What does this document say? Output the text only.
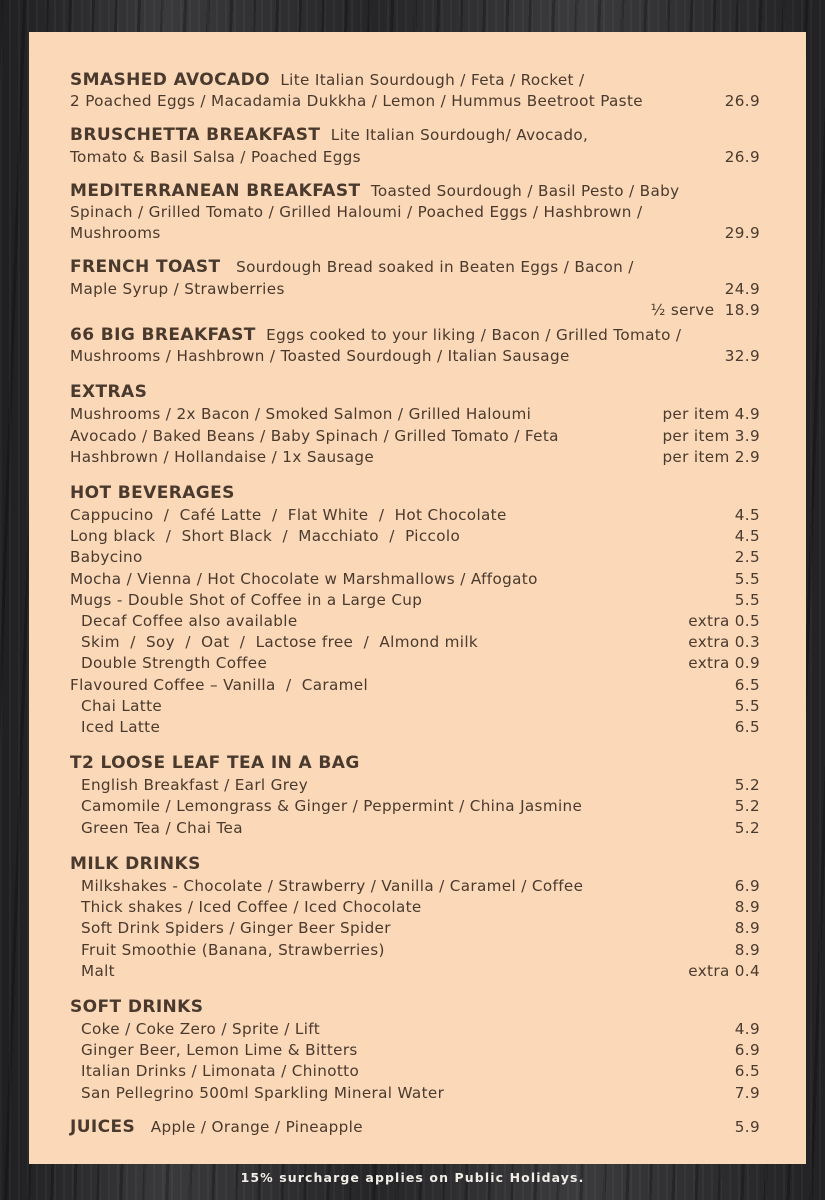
SMASHED AVOCADO Lite Italian Sourdough / Feta / Rocket /
2 Poached Eggs / Macadamia Dukkha / Lemon / Hummus Beetroot Paste	26.9
BRUSCHETTA BREAKFAST Lite Italian Sourdough/ Avocado,
Tomato & Basil Salsa / Poached Eggs	26.9
MEDITERRANEAN BREAKFAST Toasted Sourdough / Basil Pesto / Baby
Spinach / Grilled Tomato / Grilled Haloumi / Poached Eggs / Hashbrown /
Mushrooms	29.9
FRENCH TOAST Sourdough Bread soaked in Beaten Eggs / Bacon /
Maple Syrup / Strawberries	24.9
½ serve  18.9
66 BIG BREAKFAST Eggs cooked to your liking / Bacon / Grilled Tomato /
Mushrooms / Hashbrown / Toasted Sourdough / Italian Sausage	32.9
EXTRAS
Mushrooms / 2x Bacon / Smoked Salmon / Grilled Haloumi	per item 4.9
Avocado / Baked Beans / Baby Spinach / Grilled Tomato / Feta	per item 3.9
Hashbrown / Hollandaise / 1x Sausage	per item 2.9
HOT BEVERAGES
Cappucino  /  Café Latte  /  Flat White  /  Hot Chocolate	4.5
Long black  /  Short Black  /  Macchiato  /  Piccolo	4.5
Babycino	2.5
Mocha / Vienna / Hot Chocolate w Marshmallows / Affogato	5.5
Mugs - Double Shot of Coffee in a Large Cup	5.5
Decaf Coffee also available	extra 0.5
Skim  /  Soy  /  Oat  /  Lactose free  /  Almond milk	extra 0.3
Double Strength Coffee	extra 0.9
Flavoured Coffee – Vanilla  /  Caramel	6.5
Chai Latte	5.5
Iced Latte	6.5
T2 LOOSE LEAF TEA IN A BAG
English Breakfast / Earl Grey	5.2
Camomile / Lemongrass & Ginger / Peppermint / China Jasmine	5.2
Green Tea / Chai Tea	5.2
MILK DRINKS
Milkshakes - Chocolate / Strawberry / Vanilla / Caramel / Coffee	6.9
Thick shakes / Iced Coffee / Iced Chocolate	8.9
Soft Drink Spiders / Ginger Beer Spider	8.9
Fruit Smoothie (Banana, Strawberries)	8.9
Malt	extra 0.4
SOFT DRINKS
Coke / Coke Zero / Sprite / Lift	4.9
Ginger Beer, Lemon Lime & Bitters	6.9
Italian Drinks / Limonata / Chinotto	6.5
San Pellegrino 500ml Sparkling Mineral Water	7.9
JUICES Apple / Orange / Pineapple	5.9
15% surcharge applies on Public Holidays.
